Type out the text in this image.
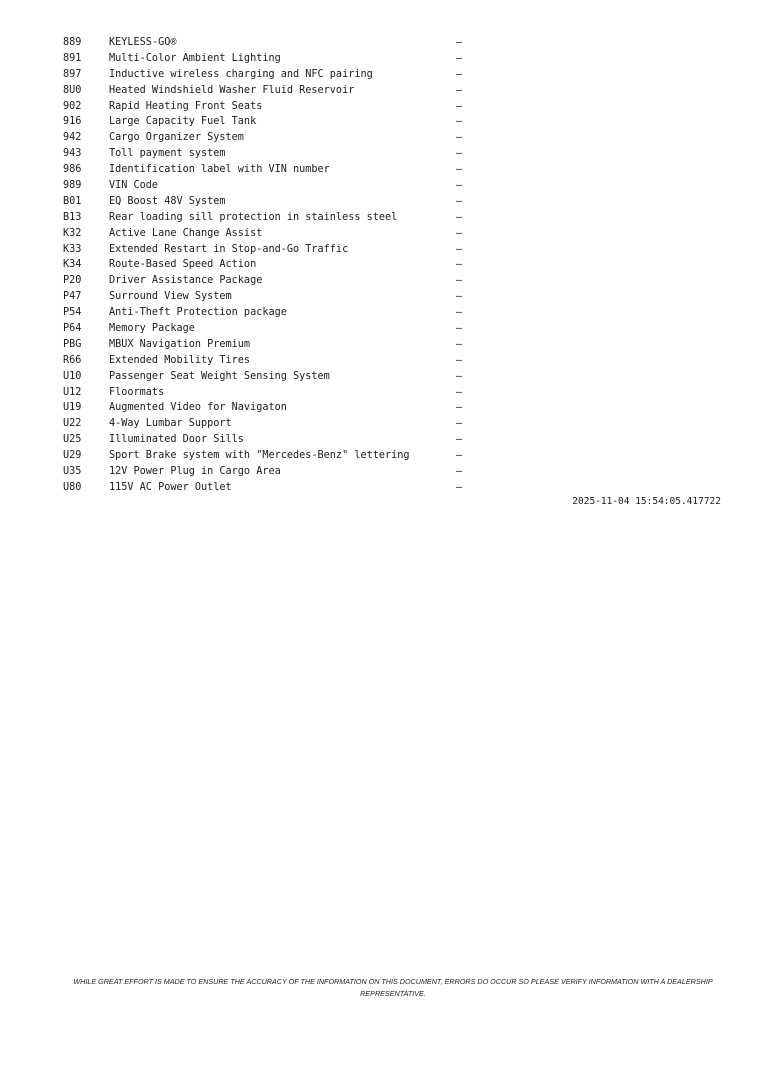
889	KEYLESS-GO®	—
891	Multi-Color Ambient Lighting	—
897	Inductive wireless charging and NFC pairing	—
8U0	Heated Windshield Washer Fluid Reservoir	—
902	Rapid Heating Front Seats	—
916	Large Capacity Fuel Tank	—
942	Cargo Organizer System	—
943	Toll payment system	—
986	Identification label with VIN number	—
989	VIN Code	—
B01	EQ Boost 48V System	—
B13	Rear loading sill protection in stainless steel	—
K32	Active Lane Change Assist	—
K33	Extended Restart in Stop-and-Go Traffic	—
K34	Route-Based Speed Action	—
P20	Driver Assistance Package	—
P47	Surround View System	—
P54	Anti-Theft Protection package	—
P64	Memory Package	—
PBG	MBUX Navigation Premium	—
R66	Extended Mobility Tires	—
U10	Passenger Seat Weight Sensing System	—
U12	Floormats	—
U19	Augmented Video for Navigaton	—
U22	4-Way Lumbar Support	—
U25	Illuminated Door Sills	—
U29	Sport Brake system with "Mercedes-Benz" lettering	—
U35	12V Power Plug in Cargo Area	—
U80	115V AC Power Outlet	—
2025-11-04 15:54:05.417722
WHILE GREAT EFFORT IS MADE TO ENSURE THE ACCURACY OF THE INFORMATION ON THIS DOCUMENT, ERRORS DO OCCUR SO PLEASE VERIFY INFORMATION WITH A DEALERSHIP REPRESENTATIVE.
